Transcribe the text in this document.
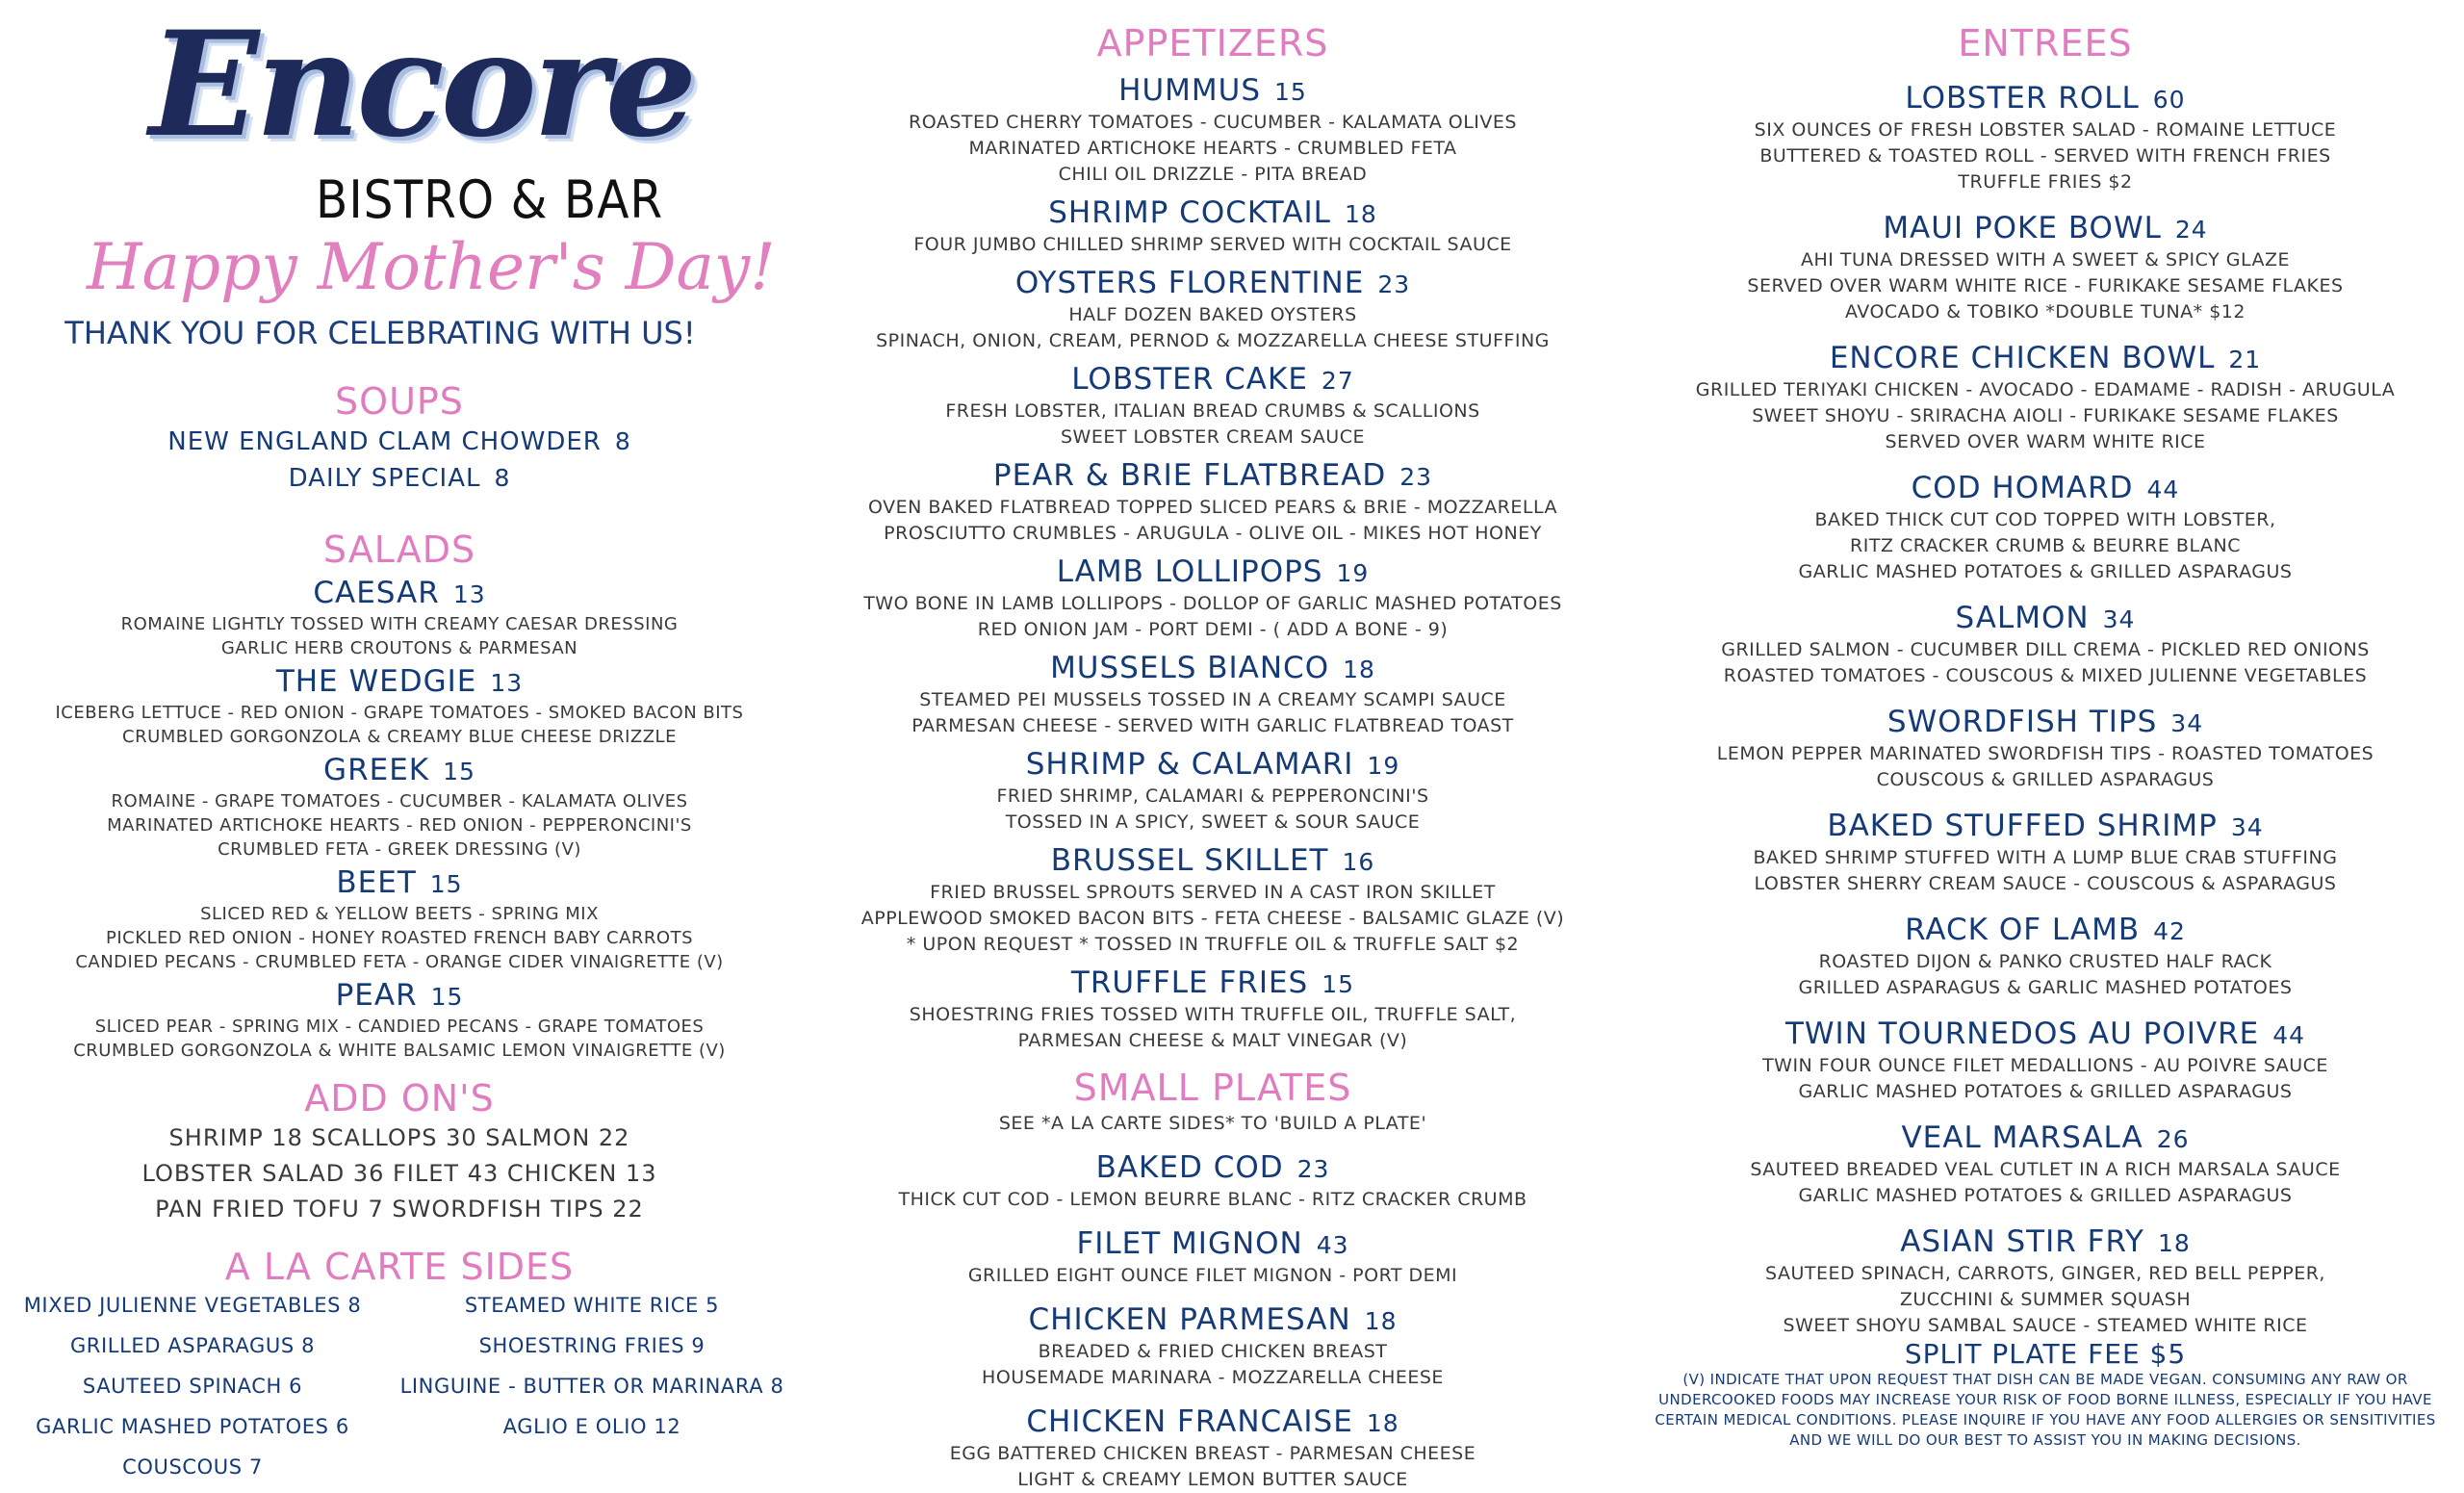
Encore
BISTRO & BAR
Happy Mother's Day!
THANK YOU FOR CELEBRATING WITH US!
SOUPS
NEW ENGLAND CLAM CHOWDER 8
DAILY SPECIAL 8
SALADS
CAESAR 13
ROMAINE LIGHTLY TOSSED WITH CREAMY CAESAR DRESSING
GARLIC HERB CROUTONS & PARMESAN
THE WEDGIE 13
ICEBERG LETTUCE - RED ONION - GRAPE TOMATOES - SMOKED BACON BITS
CRUMBLED GORGONZOLA & CREAMY BLUE CHEESE DRIZZLE
GREEK 15
ROMAINE - GRAPE TOMATOES - CUCUMBER - KALAMATA OLIVES
MARINATED ARTICHOKE HEARTS - RED ONION - PEPPERONCINI'S
CRUMBLED FETA - GREEK DRESSING (V)
BEET 15
SLICED RED & YELLOW BEETS - SPRING MIX
PICKLED RED ONION - HONEY ROASTED FRENCH BABY CARROTS
CANDIED PECANS - CRUMBLED FETA - ORANGE CIDER VINAIGRETTE (V)
PEAR 15
SLICED PEAR - SPRING MIX - CANDIED PECANS - GRAPE TOMATOES
CRUMBLED GORGONZOLA & WHITE BALSAMIC LEMON VINAIGRETTE (V)
ADD ON'S
SHRIMP 18 SCALLOPS 30 SALMON 22
LOBSTER SALAD 36 FILET 43 CHICKEN 13
PAN FRIED TOFU 7 SWORDFISH TIPS 22
A LA CARTE SIDES
MIXED JULIENNE VEGETABLES 8	STEAMED WHITE RICE 5
GRILLED ASPARAGUS 8	SHOESTRING FRIES 9
SAUTEED SPINACH 6	LINGUINE - BUTTER OR MARINARA 8
GARLIC MASHED POTATOES 6	AGLIO E OLIO 12
COUSCOUS 7
APPETIZERS
HUMMUS 15
ROASTED CHERRY TOMATOES - CUCUMBER - KALAMATA OLIVES
MARINATED ARTICHOKE HEARTS - CRUMBLED FETA
CHILI OIL DRIZZLE - PITA BREAD
SHRIMP COCKTAIL 18
FOUR JUMBO CHILLED SHRIMP SERVED WITH COCKTAIL SAUCE
OYSTERS FLORENTINE 23
HALF DOZEN BAKED OYSTERS
SPINACH, ONION, CREAM, PERNOD & MOZZARELLA CHEESE STUFFING
LOBSTER CAKE 27
FRESH LOBSTER, ITALIAN BREAD CRUMBS & SCALLIONS
SWEET LOBSTER CREAM SAUCE
PEAR & BRIE FLATBREAD 23
OVEN BAKED FLATBREAD TOPPED SLICED PEARS & BRIE - MOZZARELLA
PROSCIUTTO CRUMBLES - ARUGULA - OLIVE OIL - MIKES HOT HONEY
LAMB LOLLIPOPS 19
TWO BONE IN LAMB LOLLIPOPS - DOLLOP OF GARLIC MASHED POTATOES
RED ONION JAM - PORT DEMI - ( ADD A BONE - 9)
MUSSELS BIANCO 18
STEAMED PEI MUSSELS TOSSED IN A CREAMY SCAMPI SAUCE
PARMESAN CHEESE - SERVED WITH GARLIC FLATBREAD TOAST
SHRIMP & CALAMARI 19
FRIED SHRIMP, CALAMARI & PEPPERONCINI'S
TOSSED IN A SPICY, SWEET & SOUR SAUCE
BRUSSEL SKILLET 16
FRIED BRUSSEL SPROUTS SERVED IN A CAST IRON SKILLET
APPLEWOOD SMOKED BACON BITS - FETA CHEESE - BALSAMIC GLAZE (V)
* UPON REQUEST * TOSSED IN TRUFFLE OIL & TRUFFLE SALT $2
TRUFFLE FRIES 15
SHOESTRING FRIES TOSSED WITH TRUFFLE OIL, TRUFFLE SALT,
PARMESAN CHEESE & MALT VINEGAR (V)
SMALL PLATES
SEE *A LA CARTE SIDES* TO 'BUILD A PLATE'
BAKED COD 23
THICK CUT COD - LEMON BEURRE BLANC - RITZ CRACKER CRUMB
FILET MIGNON 43
GRILLED EIGHT OUNCE FILET MIGNON - PORT DEMI
CHICKEN PARMESAN 18
BREADED & FRIED CHICKEN BREAST
HOUSEMADE MARINARA - MOZZARELLA CHEESE
CHICKEN FRANCAISE 18
EGG BATTERED CHICKEN BREAST - PARMESAN CHEESE
LIGHT & CREAMY LEMON BUTTER SAUCE
ENTREES
LOBSTER ROLL 60
SIX OUNCES OF FRESH LOBSTER SALAD - ROMAINE LETTUCE
BUTTERED & TOASTED ROLL - SERVED WITH FRENCH FRIES
TRUFFLE FRIES $2
MAUI POKE BOWL 24
AHI TUNA DRESSED WITH A SWEET & SPICY GLAZE
SERVED OVER WARM WHITE RICE - FURIKAKE SESAME FLAKES
AVOCADO & TOBIKO *DOUBLE TUNA* $12
ENCORE CHICKEN BOWL 21
GRILLED TERIYAKI CHICKEN - AVOCADO - EDAMAME - RADISH - ARUGULA
SWEET SHOYU - SRIRACHA AIOLI - FURIKAKE SESAME FLAKES
SERVED OVER WARM WHITE RICE
COD HOMARD 44
BAKED THICK CUT COD TOPPED WITH LOBSTER,
RITZ CRACKER CRUMB & BEURRE BLANC
GARLIC MASHED POTATOES & GRILLED ASPARAGUS
SALMON 34
GRILLED SALMON - CUCUMBER DILL CREMA - PICKLED RED ONIONS
ROASTED TOMATOES - COUSCOUS & MIXED JULIENNE VEGETABLES
SWORDFISH TIPS 34
LEMON PEPPER MARINATED SWORDFISH TIPS - ROASTED TOMATOES
COUSCOUS & GRILLED ASPARAGUS
BAKED STUFFED SHRIMP 34
BAKED SHRIMP STUFFED WITH A LUMP BLUE CRAB STUFFING
LOBSTER SHERRY CREAM SAUCE - COUSCOUS & ASPARAGUS
RACK OF LAMB 42
ROASTED DIJON & PANKO CRUSTED HALF RACK
GRILLED ASPARAGUS & GARLIC MASHED POTATOES
TWIN TOURNEDOS AU POIVRE 44
TWIN FOUR OUNCE FILET MEDALLIONS - AU POIVRE SAUCE
GARLIC MASHED POTATOES & GRILLED ASPARAGUS
VEAL MARSALA 26
SAUTEED BREADED VEAL CUTLET IN A RICH MARSALA SAUCE
GARLIC MASHED POTATOES & GRILLED ASPARAGUS
ASIAN STIR FRY 18
SAUTEED SPINACH, CARROTS, GINGER, RED BELL PEPPER,
ZUCCHINI & SUMMER SQUASH
SWEET SHOYU SAMBAL SAUCE - STEAMED WHITE RICE
SPLIT PLATE FEE $5
(V) INDICATE THAT UPON REQUEST THAT DISH CAN BE MADE VEGAN. CONSUMING ANY RAW OR UNDERCOOKED FOODS MAY INCREASE YOUR RISK OF FOOD BORNE ILLNESS, ESPECIALLY IF YOU HAVE CERTAIN MEDICAL CONDITIONS. PLEASE INQUIRE IF YOU HAVE ANY FOOD ALLERGIES OR SENSITIVITIES AND WE WILL DO OUR BEST TO ASSIST YOU IN MAKING DECISIONS.
